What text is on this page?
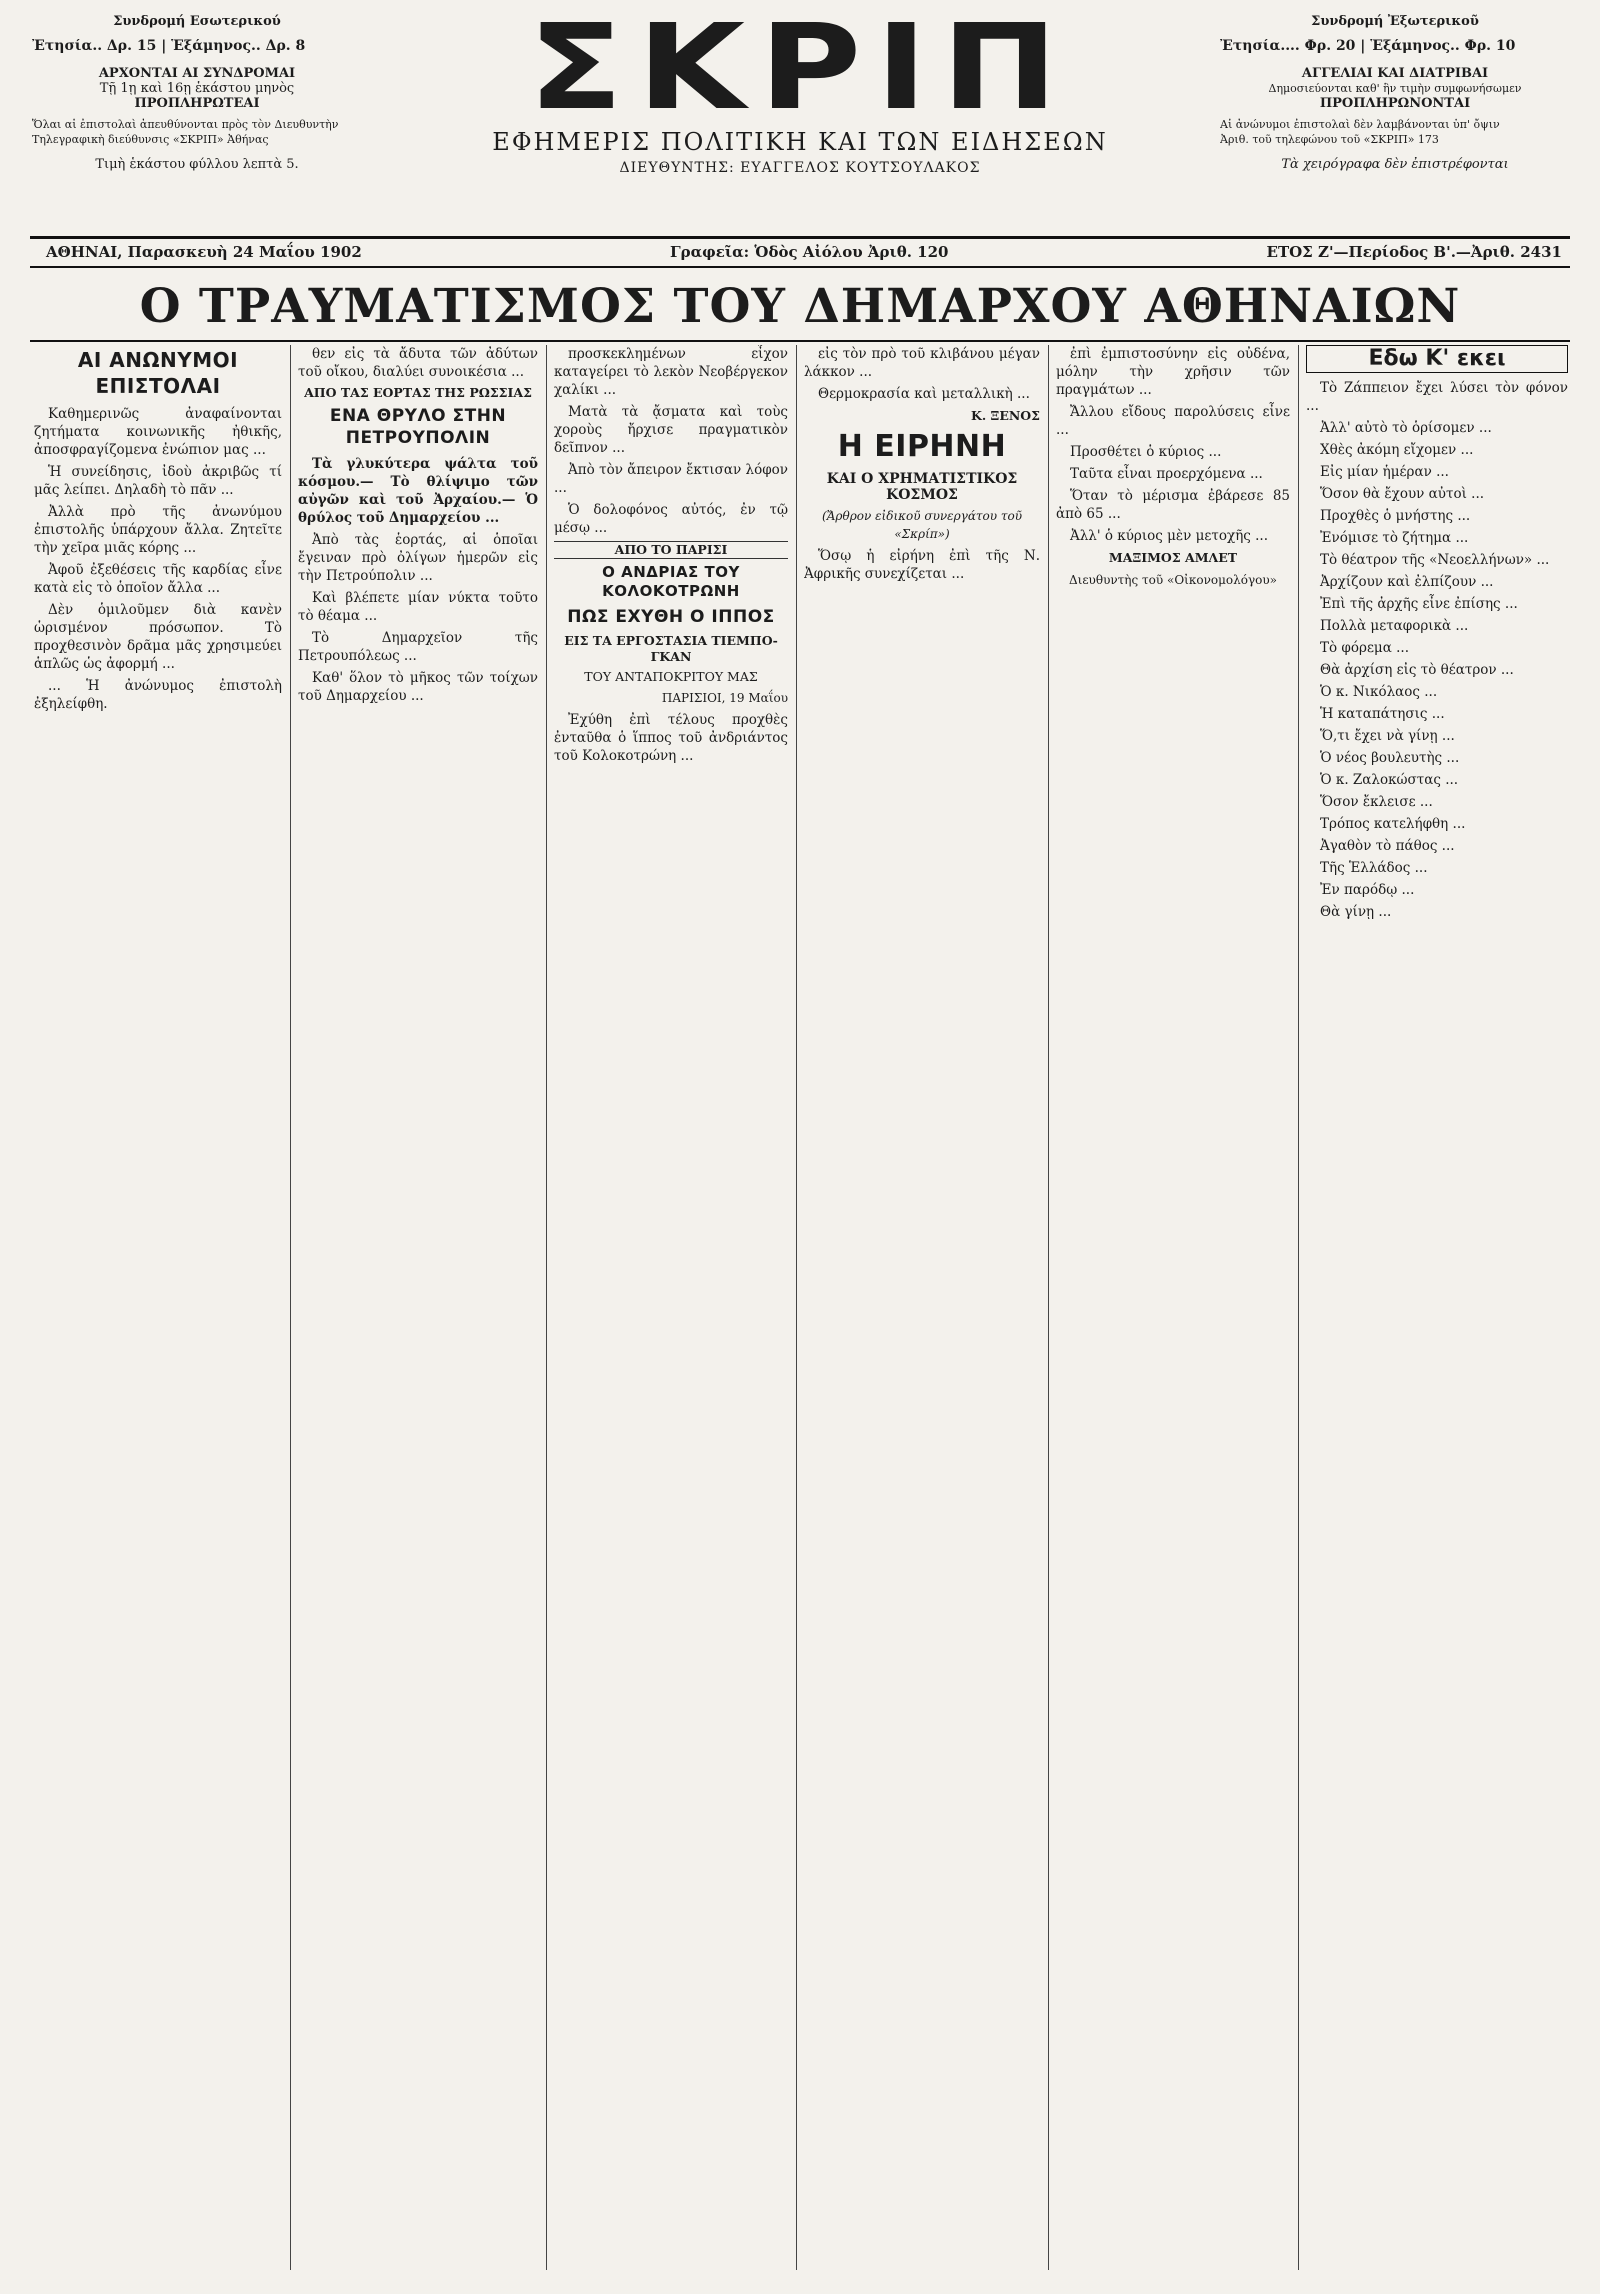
Συνδρομή Εσωτερικού
Ἐτησία.. Δρ. 15 | Ἑξάμηνος.. Δρ. 8
ΑΡΧΟΝΤΑΙ ΑΙ ΣΥΝΔΡΟΜΑΙ
Τῇ 1ῃ καὶ 16ῃ ἑκάστου μηνὸς
ΠΡΟΠΛΗΡΩΤΕΑΙ
Ὅλαι αἱ ἐπιστολαὶ ἀπευθύνονται πρὸς τὸν Διευθυντὴν
Τηλεγραφικὴ διεύθυνσις «ΣΚΡΙΠ» Ἀθήνας
Τιμὴ ἑκάστου φύλλου λεπτὰ 5.
ΣΚΡΙΠ
ΕΦΗΜΕΡΙΣ ΠΟΛΙΤΙΚΗ ΚΑΙ ΤΩΝ ΕΙΔΗΣΕΩΝ
ΔΙΕΥΘΥΝΤΗΣ: ΕΥΑΓΓΕΛΟΣ ΚΟΥΤΣΟΥΛΑΚΟΣ
Συνδρομή Ἐξωτερικοῦ
Ἐτησία.... Φρ. 20 | Ἑξάμηνος.. Φρ. 10
ΑΓΓΕΛΙΑΙ ΚΑΙ ΔΙΑΤΡΙΒΑΙ
Δημοσιεύονται καθ' ἣν τιμὴν συμφωνήσωμεν
ΠΡΟΠΛΗΡΩΝΟΝΤΑΙ
Αἱ ἀνώνυμοι ἐπιστολαὶ δὲν λαμβάνονται ὑπ' ὄψιν
Ἀριθ. τοῦ τηλεφώνου τοῦ «ΣΚΡΙΠ» 173
Τὰ χειρόγραφα δὲν ἐπιστρέφονται
ΑΘΗΝΑΙ, Παρασκευὴ 24 Μαΐου 1902	Γραφεῖα: Ὁδὸς Αἰόλου Ἀριθ. 120	ΕΤΟΣ Ζ'—Περίοδος Β'.—Ἀριθ. 2431
Ο ΤΡΑΥΜΑΤΙΣΜΟΣ ΤΟΥ ΔΗΜΑΡΧΟΥ ΑΘΗΝΑΙΩΝ
ΑΙ ΑΝΩΝΥΜΟΙ ΕΠΙΣΤΟΛΑΙ

Καθημερινῶς ἀναφαίνονται ζητήματα κοινωνικῆς ἠθικῆς, ἀποσφραγίζομενα ἐνώπιον μας ...

Ἡ συνείδησις, ἰδοὺ ἀκριβῶς τί μᾶς λείπει. Δηλαδὴ τὸ πᾶν ...

Ἀλλὰ πρὸ τῆς ἀνωνύμου ἐπιστολῆς ὑπάρχουν ἄλλα. Ζητεῖτε τὴν χεῖρα μιᾶς κόρης ...

Ἀφοῦ ἐξεθέσεις τῆς καρδίας εἶνε κατὰ εἰς τὸ ὁποῖον ἄλλα ...

Δὲν ὁμιλοῦμεν διὰ κανὲν ὡρισμένον πρόσωπον. Τὸ προχθεσινὸν δρᾶμα μᾶς χρησιμεύει ἁπλῶς ὡς ἀφορμή ...

... Ἡ ἀνώνυμος ἐπιστολὴ ἐξηλείφθη.

θεν εἰς τὰ ἄδυτα τῶν ἀδύτων τοῦ οἴκου, διαλύει συνοικέσια ...

ΑΠΟ ΤΑΣ ΕΟΡΤΑΣ ΤΗΣ ΡΩΣΣΙΑΣ
ΕΝΑ ΘΡΥΛΟ ΣΤΗΝ ΠΕΤΡΟΥΠΟΛΙΝ

Τὰ γλυκύτερα ψάλτα τοῦ κόσμου.— Τὸ θλίψιμο τῶν αὐγῶν καὶ τοῦ Ἀρχαίου.— Ὁ θρύλος τοῦ Δημαρχείου ...

Ἀπὸ τὰς ἑορτάς, αἱ ὁποῖαι ἔγειναν πρὸ ὀλίγων ἡμερῶν εἰς τὴν Πετρούπολιν ...

Καὶ βλέπετε μίαν νύκτα τοῦτο τὸ θέαμα ...

Τὸ Δημαρχεῖον τῆς Πετρουπόλεως ...

Καθ' ὅλον τὸ μῆκος τῶν τοίχων τοῦ Δημαρχείου ...

προσκεκλημένων εἶχον καταγείρει τὸ λεκὸν Νεοβέργεκον χαλίκι ...

Ματὰ τὰ ᾄσματα καὶ τοὺς χοροὺς ἤρχισε πραγματικὸν δεῖπνον ...

Ἀπὸ τὸν ἄπειρον ἔκτισαν λόφον ...

Ὁ δολοφόνος αὐτός, ἐν τῷ μέσῳ ...

ΑΠΟ ΤΟ ΠΑΡΙΣΙ
Ο ΑΝΔΡΙΑΣ ΤΟΥ ΚΟΛΟΚΟΤΡΩΝΗ
ΠΩΣ ΕΧΥΘΗ Ο ΙΠΠΟΣ
ΕΙΣ ΤΑ ΕΡΓΟΣΤΑΣΙΑ ΤΙΕΜΠΟ-ΓΚΑΝ
ΤΟΥ ΑΝΤΑΠΟΚΡΙΤΟΥ ΜΑΣ
ΠΑΡΙΣΙΟΙ, 19 Μαΐου

Ἐχύθη ἐπὶ τέλους προχθὲς ἐνταῦθα ὁ ἵππος τοῦ ἀνδριάντος τοῦ Κολοκοτρώνη ...

εἰς τὸν πρὸ τοῦ κλιβάνου μέγαν λάκκον ...

Θερμοκρασία καὶ μεταλλικὴ ...

Κ. ΞΕΝΟΣ
Η ΕΙΡΗΝΗ
ΚΑΙ Ο ΧΡΗΜΑΤΙΣΤΙΚΟΣ ΚΟΣΜΟΣ
(Ἄρθρον εἰδικοῦ συνεργάτου τοῦ «Σκρίπ»)

Ὅσῳ ἡ εἰρήνη ἐπὶ τῆς Ν. Ἀφρικῆς συνεχίζεται ...

ἐπὶ ἐμπιστοσύνην εἰς οὐδένα, μόλην τὴν χρῆσιν τῶν πραγμάτων ...

Ἄλλου εἴδους παρολύσεις εἶνε ...

Προσθέτει ὁ κύριος ...

Ταῦτα εἶναι προερχόμενα ...

Ὅταν τὸ μέρισμα ἐβάρεσε 85 ἀπὸ 65 ...

Ἀλλ' ὁ κύριος μὲν μετοχῆς ...

ΜΑΞΙΜΟΣ ΑΜΛΕΤ
Διευθυντὴς τοῦ «Οἰκονομολόγου»
Εδω Κ' εκει

Τὸ Ζάππειον ἔχει λύσει τὸν φόνον ...

Ἀλλ' αὐτὸ τὸ ὁρίσομεν ...

Χθὲς ἀκόμη εἴχομεν ...

Εἰς μίαν ἡμέραν ...

Ὅσον θὰ ἔχουν αὐτοὶ ...

Προχθὲς ὁ μνήστης ...

Ἐνόμισε τὸ ζήτημα ...

Τὸ θέατρον τῆς «Νεοελλήνων» ...

Ἀρχίζουν καὶ ἐλπίζουν ...

Ἐπὶ τῆς ἀρχῆς εἶνε ἐπίσης ...

Πολλὰ μεταφορικὰ ...

Τὸ φόρεμα ...

Θὰ ἀρχίση εἰς τὸ θέατρον ...

Ὁ κ. Νικόλαος ...

Ἡ καταπάτησις ...

Ὅ,τι ἔχει νὰ γίνῃ ...

Ὁ νέος βουλευτὴς ...

Ὁ κ. Ζαλοκώστας ...

Ὅσον ἔκλεισε ...

Τρόπος κατελήφθη ...

Ἀγαθὸν τὸ πάθος ...

Τῆς Ἑλλάδος ...

Ἐν παρόδῳ ...

Θὰ γίνῃ ...
